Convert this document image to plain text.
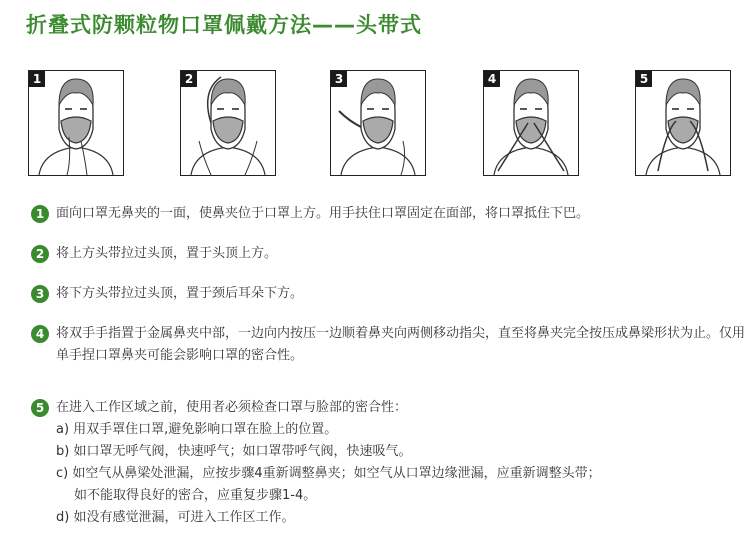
折叠式防颗粒物口罩佩戴方法——头带式
1	2	3	4	5
1 面向口罩无鼻夹的一面，使鼻夹位于口罩上方。用手扶住口罩固定在面部，将口罩抵住下巴。
2 将上方头带拉过头顶，置于头顶上方。
3 将下方头带拉过头顶，置于颈后耳朵下方。
4 将双手手指置于金属鼻夹中部，一边向内按压一边顺着鼻夹向两侧移动指尖，直至将鼻夹完全按压成鼻梁形状为止。仅用单手捏口罩鼻夹可能会影响口罩的密合性。
5 在进入工作区域之前，使用者必须检查口罩与脸部的密合性：
a) 用双手罩住口罩,避免影响口罩在脸上的位置。
b) 如口罩无呼气阀，快速呼气；如口罩带呼气阀，快速吸气。
c) 如空气从鼻梁处泄漏，应按步骤4重新调整鼻夹；如空气从口罩边缘泄漏，应重新调整头带；
如不能取得良好的密合，应重复步骤1-4。
d) 如没有感觉泄漏，可进入工作区工作。
